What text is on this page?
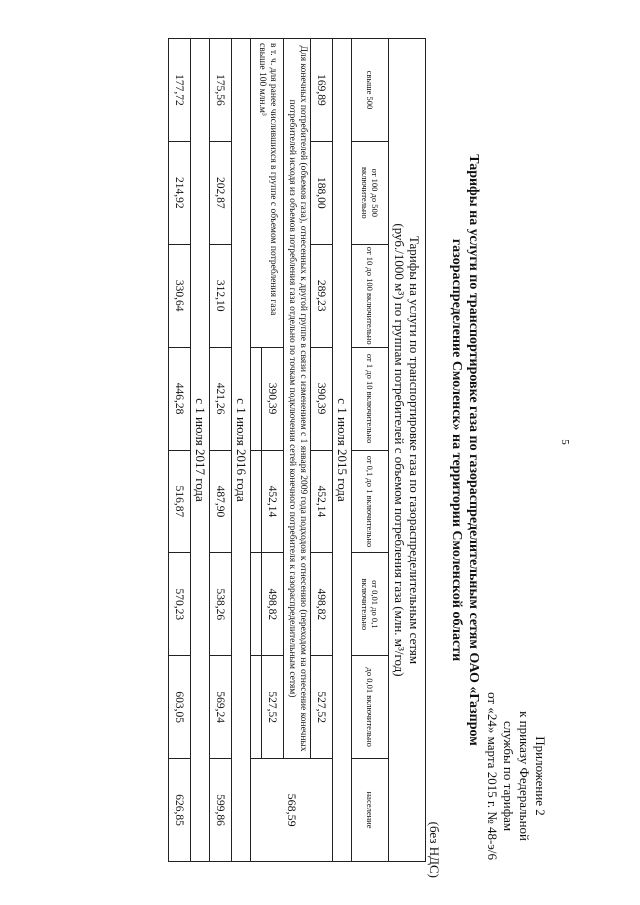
Приложение 2
к приказу Федеральной
службы по тарифам
от «24» марта 2015 г. № 48-э/6
Тарифы на услуги по транспортировке газа по газораспределительным сетям ОАО «Газпром
газораспределение Смоленск» на территории Смоленской области
(без НДС)
Тарифы на услуги по транспортировке газа по газораспределительным сетям
(руб./1000 м³) по группам потребителей с объемом потребления газа (млн. м³/год)							

свыше 500	от 100 до 500 включительно	от 10 до 100 включительно	от 1 до 10 включительно	от 0,1 до 1 включительно	от 0,01 до 0,1 включительно	до 0,01 включительно	население
с 1 июля 2015 года							
169,89	188,00	289,23	390,39	452,14	498,82	527,52	568,59
Для конечных потребителей (объемов газа), отнесенных к другой группе в связи с изменением с 1 января 2009 года подходов к отнесению (переходом на отнесение конечных потребителей исходя из объемов потребления газа отдельно по точкам подключения сетей конечного потребителя к газораспределительным сетям)							
в т. ч. для ранее числившихся в группе с объемом потребления газа свыше 100 млн.м³			390,39	452,14	498,82	527,52	

с 1 июля 2016 года							
175,56	202,87	312,10	421,26	487,90	538,26	569,24	599,86
с 1 июля 2017 года							
177,72	214,92	330,64	446,28	516,87	570,23	603,05	626,85
5
